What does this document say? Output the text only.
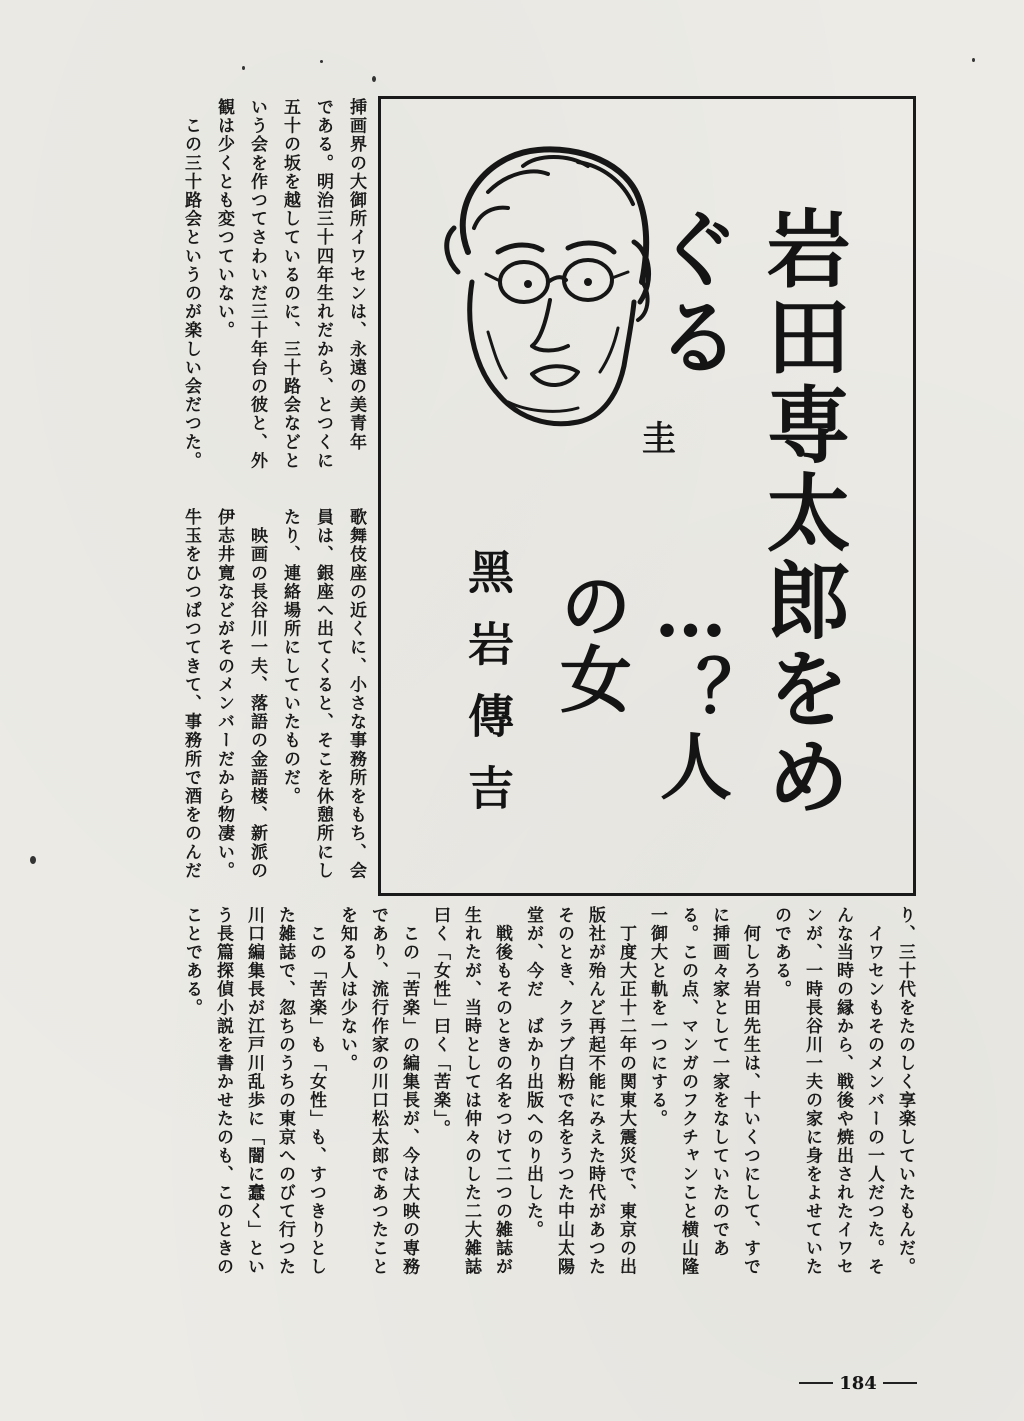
挿画界の大御所イワセンは、永遠の美青年

である。明治三十四年生れだから、とつくに

五十の坂を越しているのに、三十路会などと

いう会を作つてさわいだ三十年台の彼と、外

観は少くとも変つていない。

　この三十路会というのが楽しい会だつた。

歌舞伎座の近くに、小さな事務所をもち、会

員は、銀座へ出てくると、そこを休憩所にし

たり、連絡場所にしていたものだ。

　映画の長谷川一夫、落語の金語楼、新派の

伊志井寛などがそのメンバーだから物凄い。

牛玉をひつぱつてきて、事務所で酒をのんだ

圭 岩田専太郎をめぐる
…？人の女
黑岩傳吉

り、三十代をたのしく享楽していたもんだ。

　イワセンもそのメンバーの一人だつた。そ

んな当時の縁から、戦後や焼出されたイワセ

ンが、一時長谷川一夫の家に身をよせていた

のである。

　何しろ岩田先生は、十いくつにして、すで

に挿画々家として一家をなしていたのであ

る。この点、マンガのフクチャンこと横山隆

一御大と軌を一つにする。

　丁度大正十二年の関東大震災で、東京の出

版社が殆んど再起不能にみえた時代があつた

そのとき、クラブ白粉で名をうつた中山太陽

堂が、今だ　ばかり出版へのり出した。

　戦後もそのときの名をつけて二つの雑誌が

生れたが、当時としては仲々のした二大雑誌

曰く「女性」曰く「苦楽」。

　この「苦楽」の編集長が、今は大映の専務

であり、流行作家の川口松太郎であつたこと

を知る人は少ない。

　この「苦楽」も「女性」も、すつきりとし

た雑誌で、忽ちのうちの東京へのびて行つた

川口編集長が江戸川乱歩に「闇に蠢く」とい

う長篇探偵小説を書かせたのも、このときの

ことである。

184
